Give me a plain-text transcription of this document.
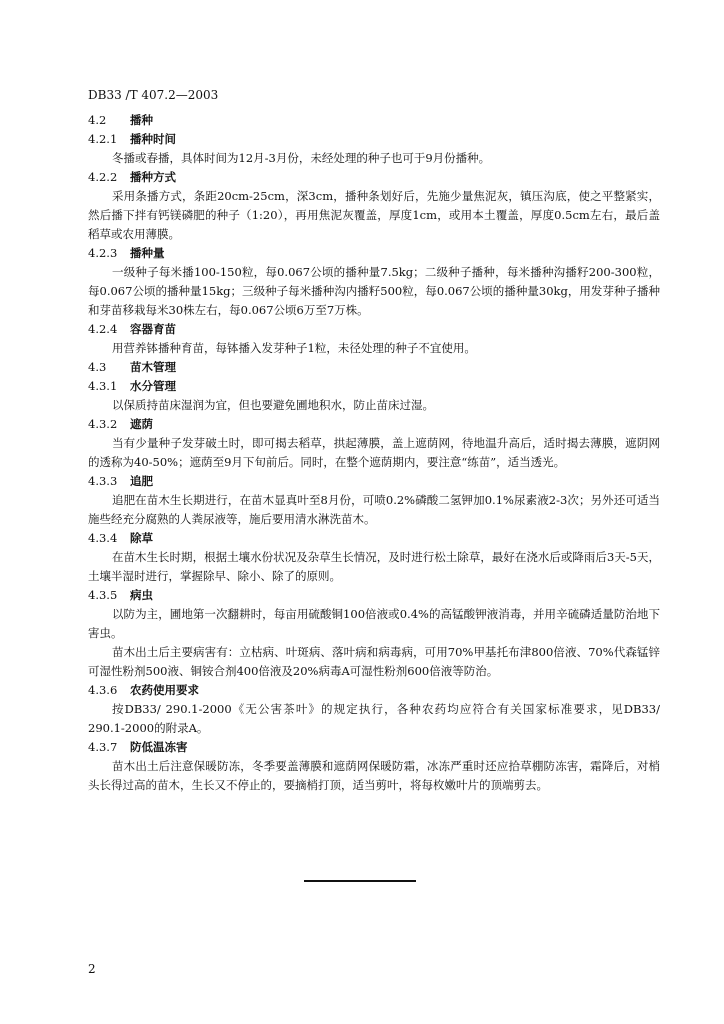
DB33 /T 407.2—2003
4.2 播种
4.2.1 播种时间

冬播或春播，具体时间为12月-3月份，未经处理的种子也可于9月份播种。

4.2.2 播种方式

采用条播方式，条距20cm-25cm，深3cm，播种条划好后，先施少量焦泥灰，镇压沟底，使之平整紧实，然后播下拌有钙镁磷肥的种子（1:20），再用焦泥灰覆盖，厚度1cm，或用本土覆盖，厚度0.5cm左右，最后盖稻草或农用薄膜。

4.2.3 播种量

一级种子每米播100-150粒，每0.067公顷的播种量7.5kg；二级种子播种，每米播种沟播籽200-300粒，每0.067公顷的播种量15kg；三级种子每米播种沟内播籽500粒，每0.067公顷的播种量30kg，用发芽种子播种和芽苗移栽每米30株左右，每0.067公顷6万至7万株。

4.2.4 容器育苗

用营养钵播种育苗，每钵播入发芽种子1粒，未径处理的种子不宜使用。

4.3 苗木管理
4.3.1 水分管理

以保质持苗床湿润为宜，但也要避免圃地积水，防止苗床过湿。

4.3.2 遮荫

当有少量种子发芽破土时，即可揭去稻草，拱起薄膜，盖上遮荫网，待地温升高后，适时揭去薄膜，遮阴网的透称为40-50%；遮荫至9月下旬前后。同时，在整个遮荫期内，要注意“练苗”，适当透光。

4.3.3 追肥

追肥在苗木生长期进行，在苗木显真叶至8月份，可喷0.2%磷酸二氢钾加0.1%尿素液2-3次；另外还可适当施些经充分腐熟的人粪尿液等，施后要用清水淋洗苗木。

4.3.4 除草

在苗木生长时期，根据土壤水份状况及杂草生长情况，及时进行松土除草，最好在浇水后或降雨后3天-5天，土壤半湿时进行，掌握除早、除小、除了的原则。

4.3.5 病虫

以防为主，圃地第一次翻耕时，每亩用硫酸铜100倍液或0.4%的高锰酸钾液消毒，并用辛硫磷适量防治地下害虫。

苗木出土后主要病害有：立枯病、叶斑病、落叶病和病毒病，可用70%甲基托布津800倍液、70%代森锰锌可湿性粉剂500液、铜铵合剂400倍液及20%病毒A可湿性粉剂600倍液等防治。

4.3.6 农药使用要求

按DB33/ 290.1-2000《无公害茶叶》的规定执行，各种农药均应符合有关国家标准要求，见DB33/ 290.1-2000的附录A。

4.3.7 防低温冻害

苗木出土后注意保暖防冻，冬季要盖薄膜和遮荫网保暖防霜，冰冻严重时还应拾草棚防冻害，霜降后，对梢头长得过高的苗木，生长又不停止的，要摘梢打顶，适当剪叶，将每枚嫩叶片的顶端剪去。

2
